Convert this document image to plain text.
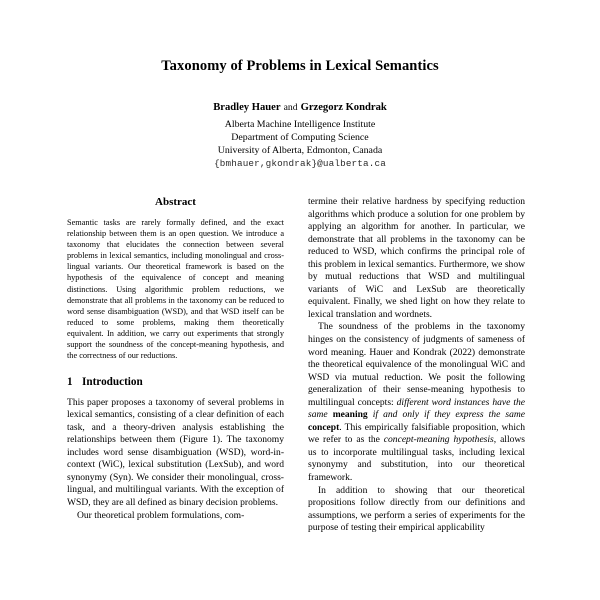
Taxonomy of Problems in Lexical Semantics
Bradley Hauer and Grzegorz Kondrak
Alberta Machine Intelligence Institute
Department of Computing Science
University of Alberta, Edmonton, Canada
{bmhauer,gkondrak}@ualberta.ca
Abstract

Semantic tasks are rarely formally defined, and the exact relationship between them is an open question. We introduce a taxonomy that elucidates the connection between several problems in lexical semantics, including monolingual and cross-lingual variants. Our theoretical framework is based on the hypothesis of the equivalence of concept and meaning distinctions. Using algorithmic problem reductions, we demonstrate that all problems in the taxonomy can be reduced to word sense disambiguation (WSD), and that WSD itself can be reduced to some problems, making them theoretically equivalent. In addition, we carry out experiments that strongly support the soundness of the concept-meaning hypothesis, and the correctness of our reductions.

1 Introduction

This paper proposes a taxonomy of several problems in lexical semantics, consisting of a clear definition of each task, and a theory-driven analysis establishing the relationships between them (Figure 1). The taxonomy includes word sense disambiguation (WSD), word-in-context (WiC), lexical substitution (LexSub), and word synonymy (Syn). We consider their monolingual, cross-lingual, and multilingual variants. With the exception of WSD, they are all defined as binary decision problems.

Our theoretical problem formulations, com-

termine their relative hardness by specifying reduction algorithms which produce a solution for one problem by applying an algorithm for another. In particular, we demonstrate that all problems in the taxonomy can be reduced to WSD, which confirms the principal role of this problem in lexical semantics. Furthermore, we show by mutual reductions that WSD and multilingual variants of WiC and LexSub are theoretically equivalent. Finally, we shed light on how they relate to lexical translation and wordnets.

The soundness of the problems in the taxonomy hinges on the consistency of judgments of sameness of word meaning. Hauer and Kondrak (2022) demonstrate the theoretical equivalence of the monolingual WiC and WSD via mutual reduction. We posit the following generalization of their sense-meaning hypothesis to multilingual concepts: different word instances have the same meaning if and only if they express the same concept. This empirically falsifiable proposition, which we refer to as the concept-meaning hypothesis, allows us to incorporate multilingual tasks, including lexical synonymy and substitution, into our theoretical framework.

In addition to showing that our theoretical propositions follow directly from our definitions and assumptions, we perform a series of experiments for the purpose of testing their empirical applicability
